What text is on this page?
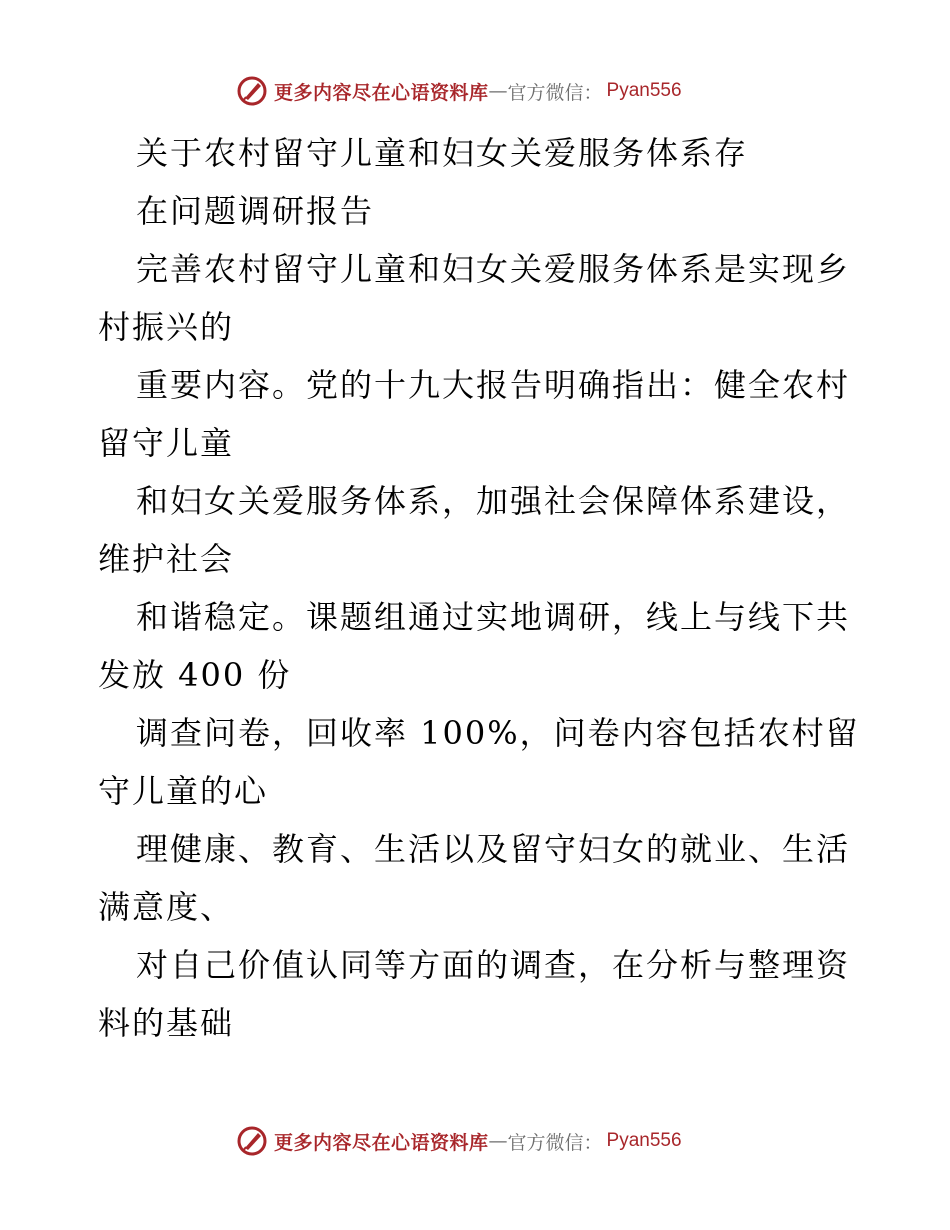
更多内容尽在心语资料库 — 官方微信： Pyan556
关于农村留守儿童和妇女关爱服务体系存
在问题调研报告
完善农村留守儿童和妇女关爱服务体系是实现乡
村振兴的
重要内容。党的十九大报告明确指出：健全农村
留守儿童
和妇女关爱服务体系，加强社会保障体系建设，
维护社会
和谐稳定。课题组通过实地调研，线上与线下共
发放 400 份
调查问卷，回收率 100%，问卷内容包括农村留
守儿童的心
理健康、教育、生活以及留守妇女的就业、生活
满意度、
对自己价值认同等方面的调查，在分析与整理资
料的基础
更多内容尽在心语资料库 — 官方微信： Pyan556
